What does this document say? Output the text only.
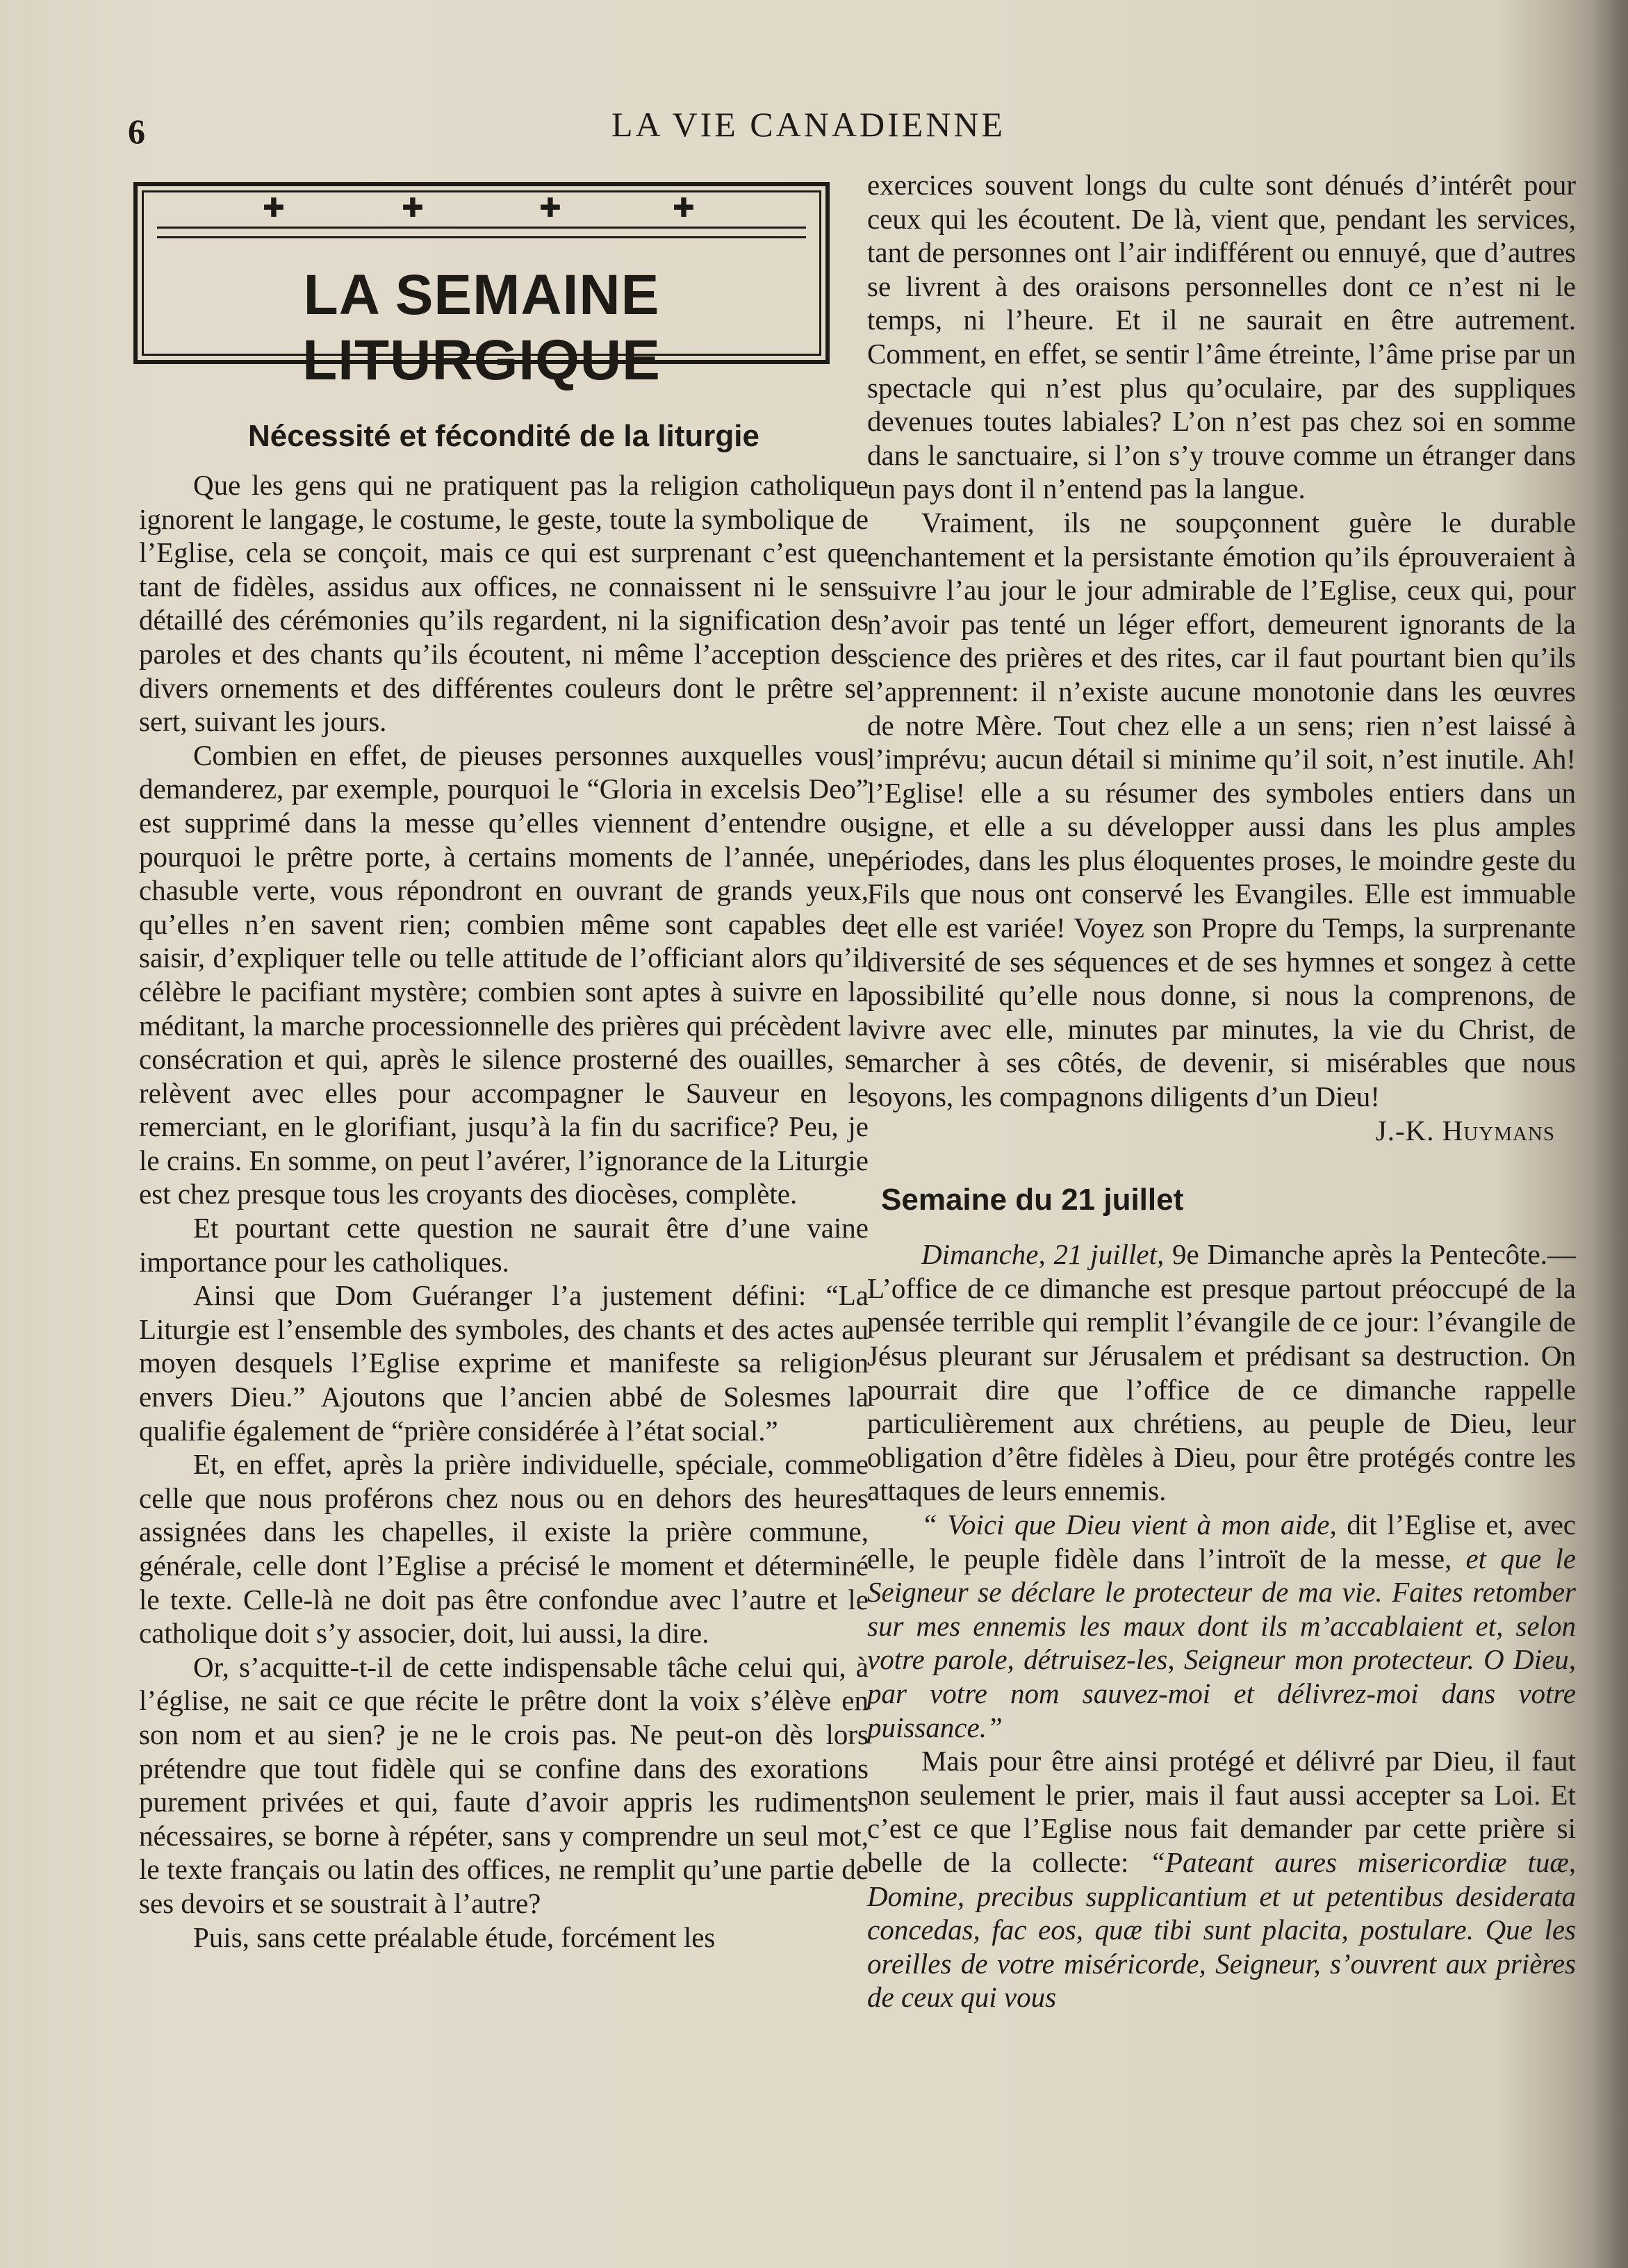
6	LA VIE CANADIENNE
✚	✚	✚	✚
LA SEMAINE LITURGIQUE
Nécessité et fécondité de la liturgie

Que les gens qui ne pratiquent pas la religion catholique ignorent le langage, le costume, le geste, toute la symbolique de l’Eglise, cela se conçoit, mais ce qui est surprenant c’est que tant de fidèles, assidus aux offices, ne connaissent ni le sens détaillé des cérémonies qu’ils regardent, ni la signification des paroles et des chants qu’ils écoutent, ni même l’acception des divers ornements et des différentes couleurs dont le prêtre se sert, suivant les jours.

Combien en effet, de pieuses personnes auxquelles vous demanderez, par exemple, pourquoi le “Gloria in excelsis Deo” est supprimé dans la messe qu’elles viennent d’entendre ou pourquoi le prêtre porte, à certains moments de l’année, une chasuble verte, vous répondront en ouvrant de grands yeux, qu’elles n’en savent rien; combien même sont capables de saisir, d’expliquer telle ou telle attitude de l’officiant alors qu’il célèbre le pacifiant mystère; combien sont aptes à suivre en la méditant, la marche processionnelle des prières qui précèdent la consécration et qui, après le silence prosterné des ouailles, se relèvent avec elles pour accompagner le Sauveur en le remerciant, en le glorifiant, jusqu’à la fin du sacrifice? Peu, je le crains. En somme, on peut l’avérer, l’ignorance de la Liturgie est chez presque tous les croyants des diocèses, complète.

Et pourtant cette question ne saurait être d’une vaine importance pour les catholiques.

Ainsi que Dom Guéranger l’a justement défini: “La Liturgie est l’ensemble des symboles, des chants et des actes au moyen desquels l’Eglise exprime et manifeste sa religion envers Dieu.” Ajoutons que l’ancien abbé de Solesmes la qualifie également de “prière considérée à l’état social.”

Et, en effet, après la prière individuelle, spéciale, comme celle que nous proférons chez nous ou en dehors des heures assignées dans les chapelles, il existe la prière commune, générale, celle dont l’Eglise a précisé le moment et déterminé le texte. Celle-là ne doit pas être confondue avec l’autre et le catholique doit s’y associer, doit, lui aussi, la dire.

Or, s’acquitte-t-il de cette indispensable tâche celui qui, à l’église, ne sait ce que récite le prêtre dont la voix s’élève en son nom et au sien? je ne le crois pas. Ne peut-on dès lors prétendre que tout fidèle qui se confine dans des exorations purement privées et qui, faute d’avoir appris les rudiments nécessaires, se borne à répéter, sans y comprendre un seul mot, le texte français ou latin des offices, ne remplit qu’une partie de ses devoirs et se soustrait à l’autre?

Puis, sans cette préalable étude, forcément les

exercices souvent longs du culte sont dénués d’intérêt pour ceux qui les écoutent. De là, vient que, pendant les services, tant de personnes ont l’air indifférent ou ennuyé, que d’autres se livrent à des oraisons personnelles dont ce n’est ni le temps, ni l’heure. Et il ne saurait en être autrement. Comment, en effet, se sentir l’âme étreinte, l’âme prise par un spectacle qui n’est plus qu’oculaire, par des suppliques devenues toutes labiales? L’on n’est pas chez soi en somme dans le sanctuaire, si l’on s’y trouve comme un étranger dans un pays dont il n’entend pas la langue.

Vraiment, ils ne soupçonnent guère le durable enchantement et la persistante émotion qu’ils éprouveraient à suivre l’au jour le jour admirable de l’Eglise, ceux qui, pour n’avoir pas tenté un léger effort, demeurent ignorants de la science des prières et des rites, car il faut pourtant bien qu’ils l’apprennent: il n’existe aucune monotonie dans les œuvres de notre Mère. Tout chez elle a un sens; rien n’est laissé à l’imprévu; aucun détail si minime qu’il soit, n’est inutile. Ah! l’Eglise! elle a su résumer des symboles entiers dans un signe, et elle a su développer aussi dans les plus amples périodes, dans les plus éloquentes proses, le moindre geste du Fils que nous ont conservé les Evangiles. Elle est immuable et elle est variée! Voyez son Propre du Temps, la surprenante diversité de ses séquences et de ses hymnes et songez à cette possibilité qu’elle nous donne, si nous la comprenons, de vivre avec elle, minutes par minutes, la vie du Christ, de marcher à ses côtés, de devenir, si misérables que nous soyons, les compagnons diligents d’un Dieu!

J.-K. Huymans

Semaine du 21 juillet

Dimanche, 21 juillet, 9e Dimanche après la Pentecôte.—L’office de ce dimanche est presque partout préoccupé de la pensée terrible qui remplit l’évangile de ce jour: l’évangile de Jésus pleurant sur Jérusalem et prédisant sa destruction. On pourrait dire que l’office de ce dimanche rappelle particulièrement aux chrétiens, au peuple de Dieu, leur obligation d’être fidèles à Dieu, pour être protégés contre les attaques de leurs ennemis.

“ Voici que Dieu vient à mon aide, dit l’Eglise et, avec elle, le peuple fidèle dans l’introït de la messe, et que le Seigneur se déclare le protecteur de ma vie. Faites retomber sur mes ennemis les maux dont ils m’accablaient et, selon votre parole, détruisez-les, Seigneur mon protecteur. O Dieu, par votre nom sauvez-moi et délivrez-moi dans votre puissance.”

Mais pour être ainsi protégé et délivré par Dieu, il faut non seulement le prier, mais il faut aussi accepter sa Loi. Et c’est ce que l’Eglise nous fait demander par cette prière si belle de la collecte: “Pateant aures misericordiæ tuæ, Domine, precibus supplicantium et ut petentibus desiderata concedas, fac eos, quæ tibi sunt placita, postulare. Que les oreilles de votre miséricorde, Seigneur, s’ouvrent aux prières de ceux qui vous
